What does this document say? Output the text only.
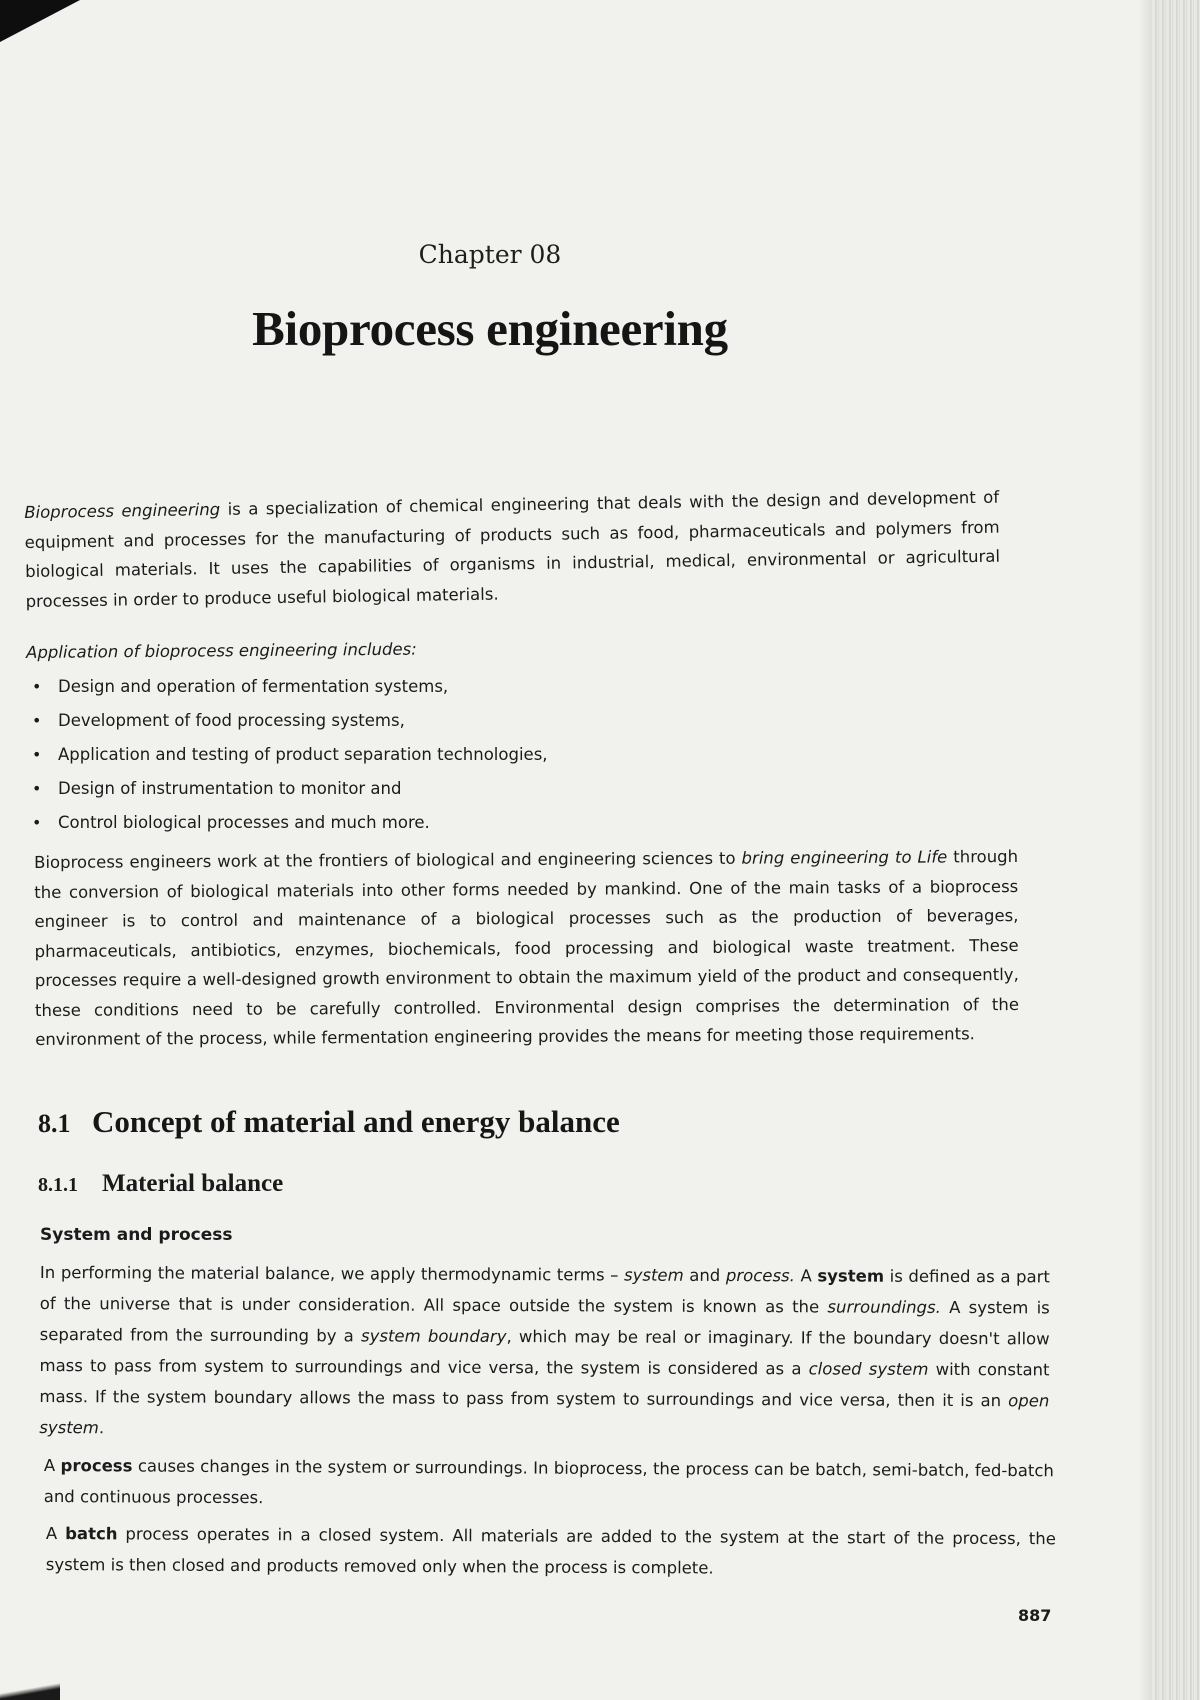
Chapter 08
Bioprocess engineering

Bioprocess engineering is a specialization of chemical engineering that deals with the design and development of equipment and processes for the manufacturing of products such as food, pharmaceuticals and polymers from biological materials. It uses the capabilities of organisms in industrial, medical, environmental or agricultural processes in order to produce useful biological materials.

Application of bioprocess engineering includes:

• Design and operation of fermentation systems,
• Development of food processing systems,
• Application and testing of product separation technologies,
• Design of instrumentation to monitor and
• Control biological processes and much more.

Bioprocess engineers work at the frontiers of biological and engineering sciences to bring engineering to Life through the conversion of biological materials into other forms needed by mankind. One of the main tasks of a bioprocess engineer is to control and maintenance of a biological processes such as the production of beverages, pharmaceuticals, antibiotics, enzymes, biochemicals, food processing and biological waste treatment. These processes require a well-designed growth environment to obtain the maximum yield of the product and consequently, these conditions need to be carefully controlled. Environmental design comprises the determination of the environment of the process, while fermentation engineering provides the means for meeting those requirements.

8.1 Concept of material and energy balance
8.1.1 Material balance
System and process

In performing the material balance, we apply thermodynamic terms – system and process. A system is defined as a part of the universe that is under consideration. All space outside the system is known as the surroundings. A system is separated from the surrounding by a system boundary, which may be real or imaginary. If the boundary doesn't allow mass to pass from system to surroundings and vice versa, the system is considered as a closed system with constant mass. If the system boundary allows the mass to pass from system to surroundings and vice versa, then it is an open system.

A process causes changes in the system or surroundings. In bioprocess, the process can be batch, semi-batch, fed-batch and continuous processes.

A batch process operates in a closed system. All materials are added to the system at the start of the process, the system is then closed and products removed only when the process is complete.

887
